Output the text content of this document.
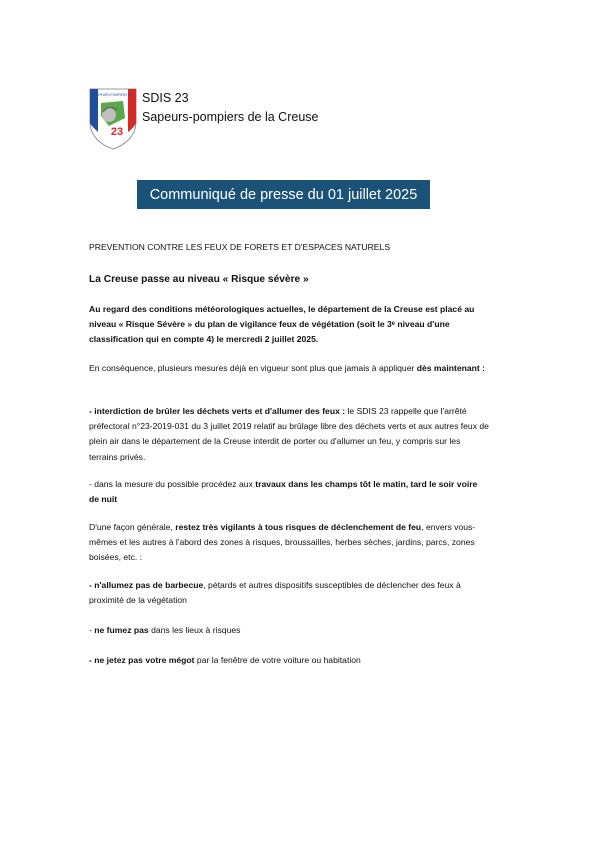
SAPEURS-POMPIERS 23
23
SDIS 23
Sapeurs-pompiers de la Creuse
Communiqué de presse du 01 juillet 2025
PREVENTION CONTRE LES FEUX DE FORETS ET D'ESPACES NATURELS
La Creuse passe au niveau « Risque sévère »
Au regard des conditions météorologiques actuelles, le département de la Creuse est placé au niveau « Risque Sévère » du plan de vigilance feux de végétation (soit le 3ᵉ niveau d'une classification qui en compte 4) le mercredi 2 juillet 2025.
En conséquence, plusieurs mesures déjà en vigueur sont plus que jamais à appliquer dès maintenant :
- interdiction de brûler les déchets verts et d'allumer des feux : le SDIS 23 rappelle que l'arrêté préfectoral n°23-2019-031 du 3 juillet 2019 relatif au brûlage libre des déchets verts et aux autres feux de plein air dans le département de la Creuse interdit de porter ou d'allumer un feu, y compris sur les terrains privés.
- dans la mesure du possible procédez aux travaux dans les champs tôt le matin, tard le soir voire de nuit
D'une façon générale, restez très vigilants à tous risques de déclenchement de feu, envers vous-mêmes et les autres à l'abord des zones à risques, broussailles, herbes sèches, jardins, parcs, zones boisées, etc. :
- n'allumez pas de barbecue, pétards et autres dispositifs susceptibles de déclencher des feux à proximité de la végétation
- ne fumez pas dans les lieux à risques
- ne jetez pas votre mégot par la fenêtre de votre voiture ou habitation
